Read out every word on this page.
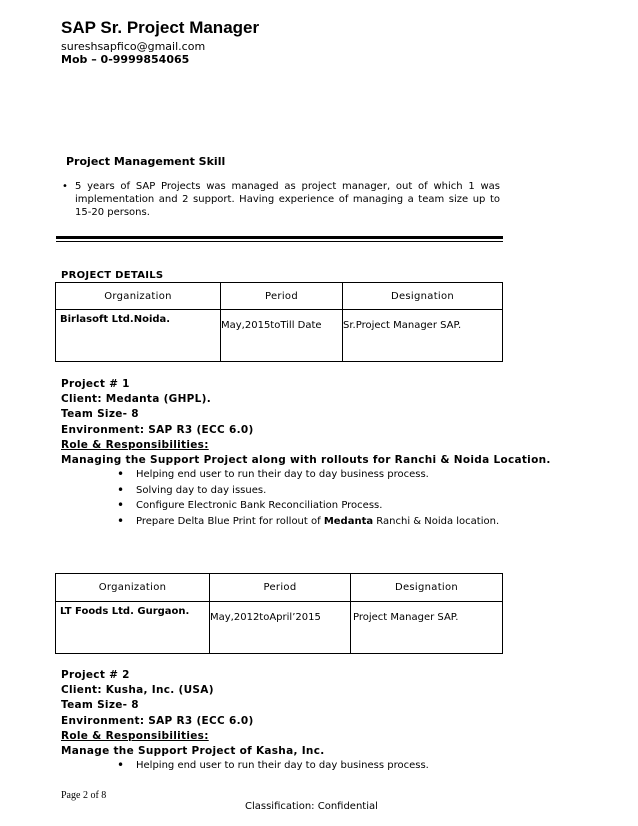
SAP Sr. Project Manager
sureshsapfico@gmail.com
Mob – 0-9999854065
Project Management Skill
• 5 years of SAP Projects was managed as project manager, out of which 1 was implementation and 2 support. Having experience of managing a team size up to 15-20 persons.
PROJECT DETAILS
Organization	Period	Designation
Birlasoft Ltd.Noida.	May,2015toTill Date	Sr.Project Manager SAP.
Project # 1
Client: Medanta (GHPL).
Team Size- 8
Environment: SAP R3 (ECC 6.0)
Role & Responsibilities:
Managing the Support Project along with rollouts for Ranchi & Noida Location.
• Helping end user to run their day to day business process.
• Solving day to day issues.
• Configure Electronic Bank Reconciliation Process.
• Prepare Delta Blue Print for rollout of Medanta Ranchi & Noida location.
Organization	Period	Designation
LT Foods Ltd. Gurgaon.	May,2012toApril’2015	Project Manager SAP.
Project # 2
Client: Kusha, Inc. (USA)
Team Size- 8
Environment: SAP R3 (ECC 6.0)
Role & Responsibilities:
Manage the Support Project of Kasha, Inc.
• Helping end user to run their day to day business process.
Page 2 of 8
Classification: Confidential
